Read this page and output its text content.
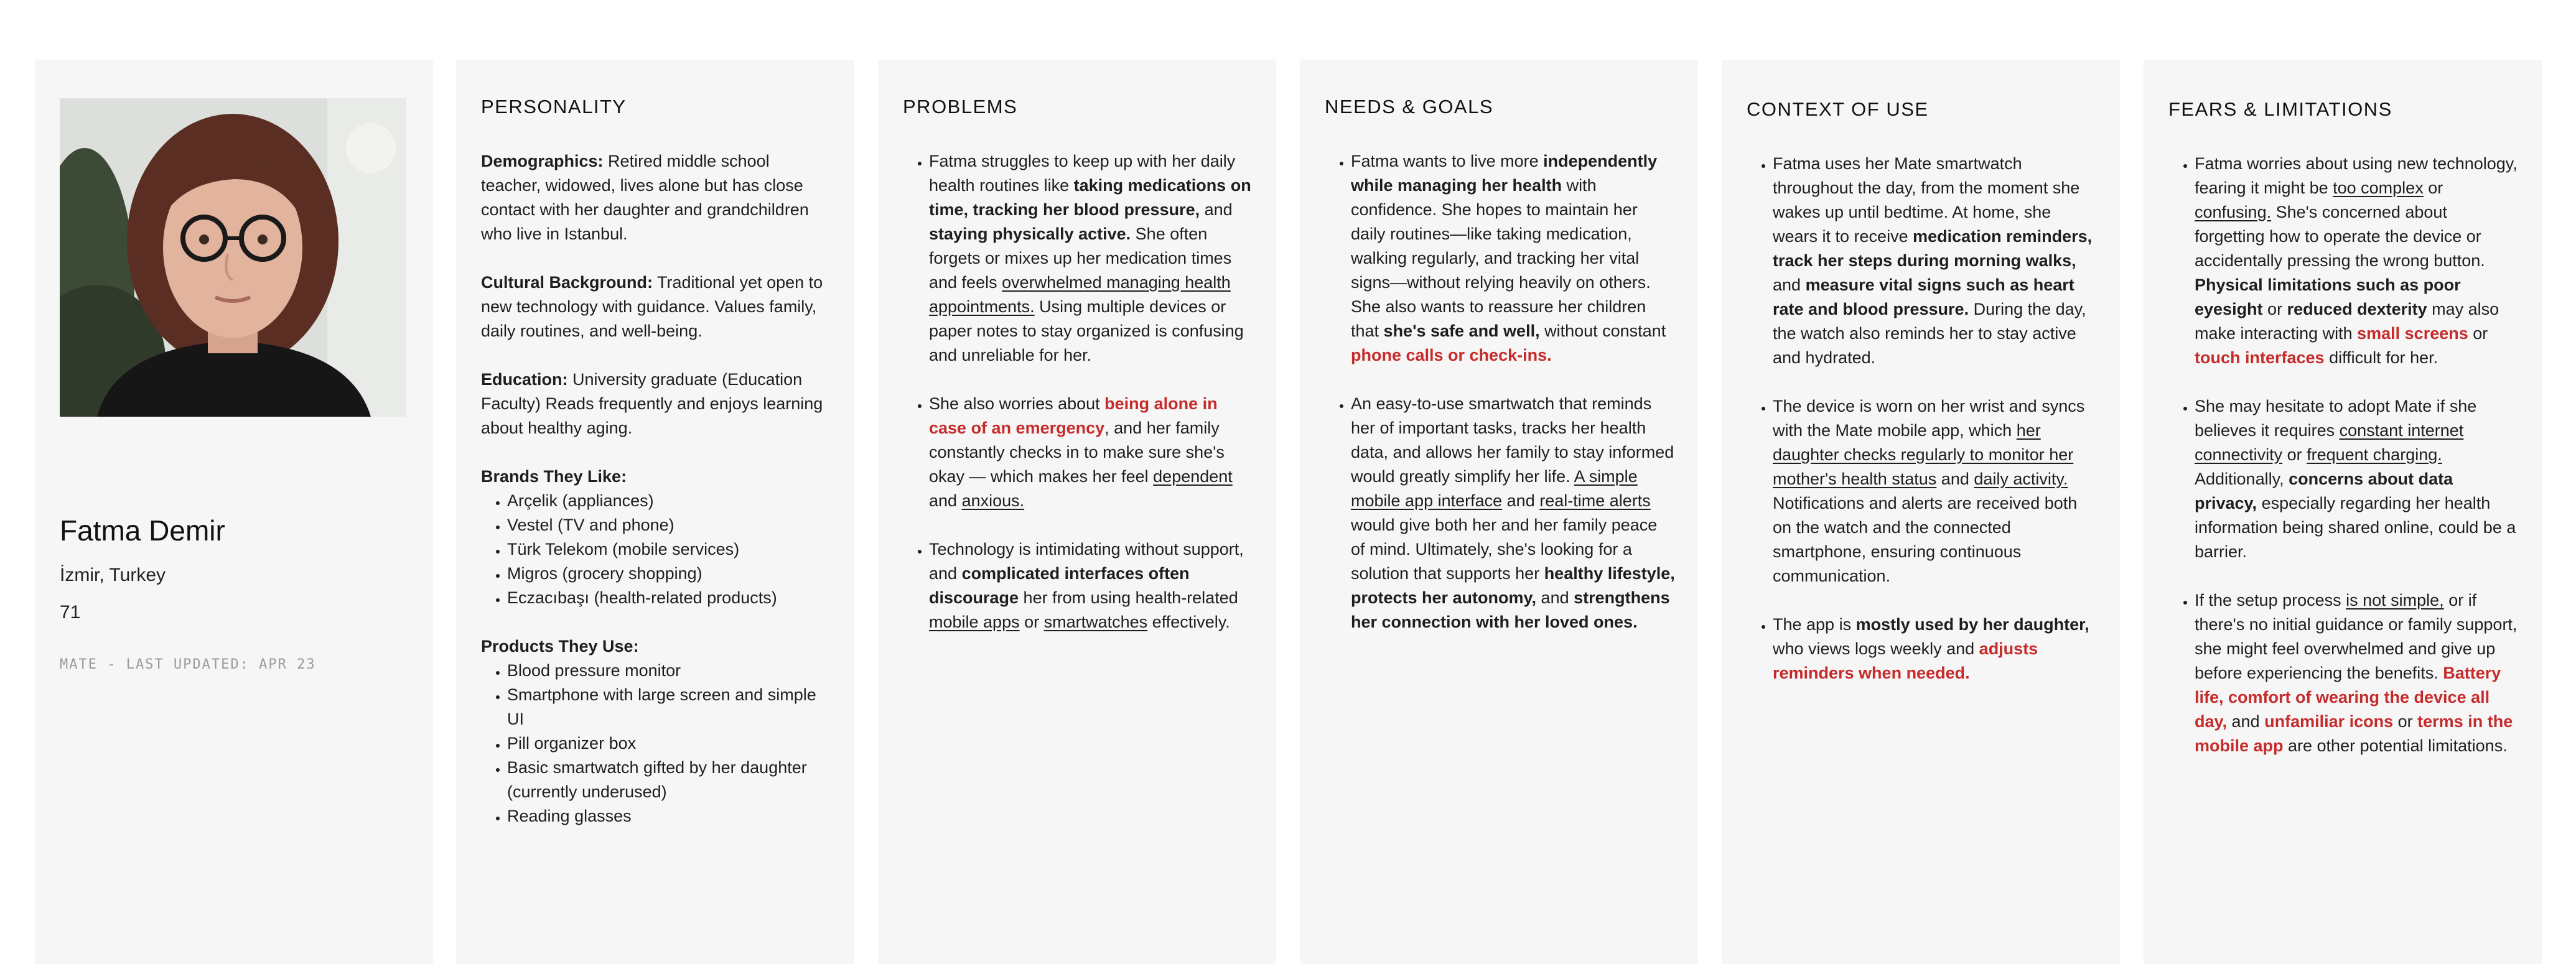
Fatma Demir
İzmir, Turkey
71
MATE - LAST UPDATED: APR 23
PERSONALITY

Demographics: Retired middle school teacher, widowed, lives alone but has close contact with her daughter and grandchildren who live in Istanbul.

Cultural Background: Traditional yet open to new technology with guidance. Values family, daily routines, and well-being.

Education: University graduate (Education Faculty) Reads frequently and enjoys learning about healthy aging.

Brands They Like:
• Arçelik (appliances)
• Vestel (TV and phone)
• Türk Telekom (mobile services)
• Migros (grocery shopping)
• Eczacıbaşı (health-related products)
Products They Use:
• Blood pressure monitor
• Smartphone with large screen and simple UI
• Pill organizer box
• Basic smartwatch gifted by her daughter (currently underused)
• Reading glasses
PROBLEMS
• Fatma struggles to keep up with her daily health routines like taking medications on time, tracking her blood pressure, and staying physically active. She often forgets or mixes up her medication times and feels overwhelmed managing health appointments. Using multiple devices or paper notes to stay organized is confusing and unreliable for her.
• She also worries about being alone in case of an emergency, and her family constantly checks in to make sure she's okay — which makes her feel dependent and anxious.
• Technology is intimidating without support, and complicated interfaces often discourage her from using health-related mobile apps or smartwatches effectively.
NEEDS & GOALS
• Fatma wants to live more independently while managing her health with confidence. She hopes to maintain her daily routines—like taking medication, walking regularly, and tracking her vital signs—without relying heavily on others. She also wants to reassure her children that she's safe and well, without constant phone calls or check-ins.
• An easy-to-use smartwatch that reminds her of important tasks, tracks her health data, and allows her family to stay informed would greatly simplify her life. A simple mobile app interface and real-time alerts would give both her and her family peace of mind. Ultimately, she's looking for a solution that supports her healthy lifestyle, protects her autonomy, and strengthens her connection with her loved ones.
CONTEXT OF USE
• Fatma uses her Mate smartwatch throughout the day, from the moment she wakes up until bedtime. At home, she wears it to receive medication reminders, track her steps during morning walks, and measure vital signs such as heart rate and blood pressure. During the day, the watch also reminds her to stay active and hydrated.
• The device is worn on her wrist and syncs with the Mate mobile app, which her daughter checks regularly to monitor her mother's health status and daily activity. Notifications and alerts are received both on the watch and the connected smartphone, ensuring continuous communication.
• The app is mostly used by her daughter, who views logs weekly and adjusts reminders when needed.
FEARS & LIMITATIONS
• Fatma worries about using new technology, fearing it might be too complex or confusing. She's concerned about forgetting how to operate the device or accidentally pressing the wrong button. Physical limitations such as poor eyesight or reduced dexterity may also make interacting with small screens or touch interfaces difficult for her.
• She may hesitate to adopt Mate if she believes it requires constant internet connectivity or frequent charging. Additionally, concerns about data privacy, especially regarding her health information being shared online, could be a barrier.
• If the setup process is not simple, or if there's no initial guidance or family support, she might feel overwhelmed and give up before experiencing the benefits. Battery life, comfort of wearing the device all day, and unfamiliar icons or terms in the mobile app are other potential limitations.
